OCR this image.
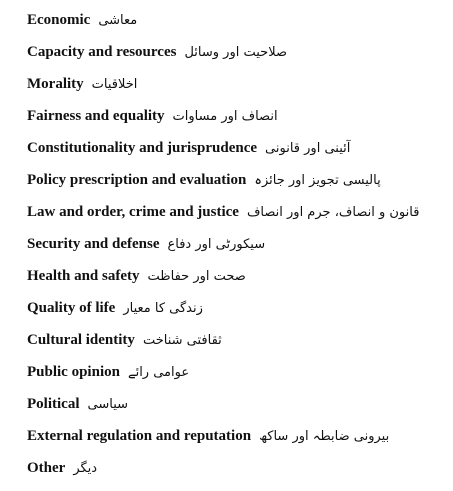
Economic معاشی
Capacity and resources صلاحیت اور وسائل
Morality اخلاقیات
Fairness and equality انصاف اور مساوات
Constitutionality and jurisprudence آئینی اور قانونی
Policy prescription and evaluation پالیسی تجویز اور جائزہ
Law and order, crime and justice قانون و انصاف، جرم اور انصاف
Security and defense سیکورٹی اور دفاع
Health and safety صحت اور حفاظت
Quality of life زندگی کا معیار
Cultural identity ثقافتی شناخت
Public opinion عوامی رائے
Political سیاسی
External regulation and reputation بیرونی ضابطہ اور ساکھ
Other دیگر
